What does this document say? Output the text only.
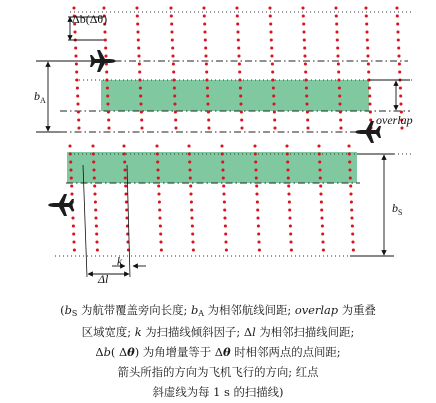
Δb(Δθ)
$b_A$
$b_S$
overlap
k
Δl
(bS 为航带覆盖旁向长度; bA 为相邻航线间距; overlap 为重叠
区域宽度; k 为扫描线倾斜因子; Δl 为相邻扫描线间距;
Δb( Δθ) 为角增量等于 Δθ 时相邻两点的点间距;
箭头所指的方向为飞机飞行的方向; 红点
斜虚线为每 1 s 的扫描线)
